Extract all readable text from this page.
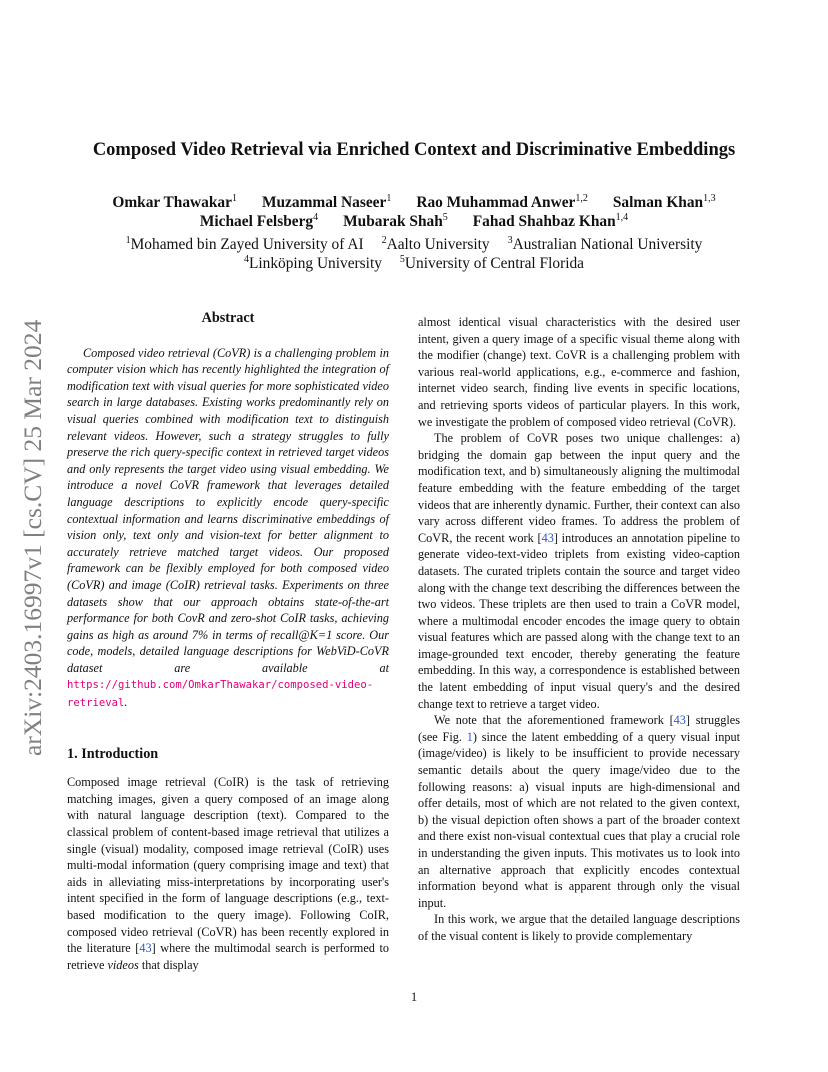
arXiv:2403.16997v1 [cs.CV] 25 Mar 2024
Composed Video Retrieval via Enriched Context and Discriminative Embeddings
Omkar Thawakar$^1$ Muzammal Naseer$^1$ Rao Muhammad Anwer$^{1,2}$ Salman Khan$^{1,3}$
Michael Felsberg$^4$ Mubarak Shah$^5$ Fahad Shahbaz Khan$^{1,4}$
$^1$Mohamed bin Zayed University of AI $^2$Aalto University $^3$Australian National University
$^4$Linköping University $^5$University of Central Florida
Abstract

Composed video retrieval (CoVR) is a challenging problem in computer vision which has recently highlighted the integration of modification text with visual queries for more sophisticated video search in large databases. Existing works predominantly rely on visual queries combined with modification text to distinguish relevant videos. However, such a strategy struggles to fully preserve the rich query-specific context in retrieved target videos and only represents the target video using visual embedding. We introduce a novel CoVR framework that leverages detailed language descriptions to explicitly encode query-specific contextual information and learns discriminative embeddings of vision only, text only and vision-text for better alignment to accurately retrieve matched target videos. Our proposed framework can be flexibly employed for both composed video (CoVR) and image (CoIR) retrieval tasks. Experiments on three datasets show that our approach obtains state-of-the-art performance for both CovR and zero-shot CoIR tasks, achieving gains as high as around 7% in terms of recall@K=1 score. Our code, models, detailed language descriptions for WebViD-CoVR dataset are available at https://github.com/OmkarThawakar/composed-video-retrieval.

1. Introduction

Composed image retrieval (CoIR) is the task of retrieving matching images, given a query composed of an image along with natural language description (text). Compared to the classical problem of content-based image retrieval that utilizes a single (visual) modality, composed image retrieval (CoIR) uses multi-modal information (query comprising image and text) that aids in alleviating miss-interpretations by incorporating user's intent specified in the form of language descriptions (e.g., text-based modification to the query image). Following CoIR, composed video retrieval (CoVR) has been recently explored in the literature [43] where the multimodal search is performed to retrieve videos that display

almost identical visual characteristics with the desired user intent, given a query image of a specific visual theme along with the modifier (change) text. CoVR is a challenging problem with various real-world applications, e.g., e-commerce and fashion, internet video search, finding live events in specific locations, and retrieving sports videos of particular players. In this work, we investigate the problem of composed video retrieval (CoVR).

The problem of CoVR poses two unique challenges: a) bridging the domain gap between the input query and the modification text, and b) simultaneously aligning the multimodal feature embedding with the feature embedding of the target videos that are inherently dynamic. Further, their context can also vary across different video frames. To address the problem of CoVR, the recent work [43] introduces an annotation pipeline to generate video-text-video triplets from existing video-caption datasets. The curated triplets contain the source and target video along with the change text describing the differences between the two videos. These triplets are then used to train a CoVR model, where a multimodal encoder encodes the image query to obtain visual features which are passed along with the change text to an image-grounded text encoder, thereby generating the feature embedding. In this way, a correspondence is established between the latent embedding of input visual query's and the desired change text to retrieve a target video.

We note that the aforementioned framework [43] struggles (see Fig. 1) since the latent embedding of a query visual input (image/video) is likely to be insufficient to provide necessary semantic details about the query image/video due to the following reasons: a) visual inputs are high-dimensional and offer details, most of which are not related to the given context, b) the visual depiction often shows a part of the broader context and there exist non-visual contextual cues that play a crucial role in understanding the given inputs. This motivates us to look into an alternative approach that explicitly encodes contextual information beyond what is apparent through only the visual input.

In this work, we argue that the detailed language descriptions of the visual content is likely to provide complementary

1
